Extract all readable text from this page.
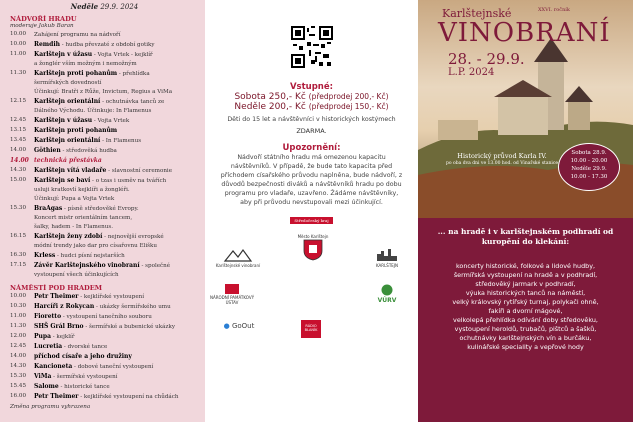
Neděle 29.9. 2024
NÁDVOŘÍ HRADU
moderuje Jakub Baran
10.00	Zahájení programu na nádvoří
10.00	Remdih - hudba převzaté z období gotiky
11.00	Karlštejn v úžasu - Vojta Vrtek - kejklíř
a žonglér vším možným i nemožným
11.30	Karlštejn proti pohanům - přehlídka
šermířských dovedností
Účinkují: Bratři z Růže, Invictum, Regius a ViMa
12.15	Karlštejn orientální - ochutnávka tanců ze
Dálného Východu. Účinkuje: In Flamenus
12.45	Karlštejn v úžasu - Vojta Vrtek
13.15	Karlštejn proti pohanům
13.45	Karlštejn orientální - In Flamenus
14.00	Göthien - středověká hudba
14.00 technická přestávka
14.30	Karlštejn vítá vladaře - slavnostní ceremonie
15.00	Karlštejn se baví - o tzas i usměv na tvářích
usluji kratkovlí kejklíři a žongléři.
Účinkují: Pupa a Vojta Vrtek
15.30	BraAgas - písně středověké Evropy.
Koncert mistr orientálním tancem,
šalky, hadem - In Flamenus.
16.15	Karlštejn ženy zdobí - nejnovější evropské
módní trendy jako dar pro císařovnu Elišku
16.30	Krless - hudci písní nejstarších
17.15	Závěr Karlštejnského vinobraní - společné
vystoupení všech účinkujících
NÁMĚSTÍ POD HRADEM
10.00	Petr Theimer - kejklířské vystoupení
10.30	Harcíři z Rokycan - ukázky šermířského umu
11.00	Fioretto - vystoupení tanečního souboru
11.30	SHŠ Grál Brno - šermířské a bubenické ukázky
12.00	Pupa - kejklíř
12.45	Lucretia - dvorské tance
14.00	příchod císaře a jeho družiny
14.30	Kancioneta - dobové taneční vystoupení
15.30	ViMa - šermířské vystoupení
15.45	Salome - historické tance
16.00	Petr Theimer - kejklířské vystoupení na chůdách
Změna programu vyhrazena
Vstupné:
Sobota 250,- Kč (předprodej 200,- Kč)
Neděle 200,- Kč (předprodej 150,- Kč)
Děti do 15 let a návštěvníci v historických kostýmech
ZDARMA.
Upozornění:
Nádvoří státního hradu má omezenou kapacitu návštěvníků. V případě, že bude tato kapacita před příchodem císařského průvodu naplněna, bude nádvoří, z důvodů bezpečnosti diváků a návštěvníků hradu po dobu programu pro vladaře, uzavřeno. Žádáme návštěvníky, aby při průvodu nevstupovali mezi účinkující.
Středočeský kraj
Karlštejnské vinobraní
Město Karlštejn
KARLŠTEJN
NÁRODNÍ PAMÁTKOVÝ ÚSTAV	VÚRV
● GoOut	RÁDIO BLANÍK
Karlštejnské	XXVI. ročník
VINOBRANÍ
28. - 29.9.
L.P. 2024
Historický průvod Karla IV.
po oba dva dni ve 13.00 hod. od Vinařské stanice
Sobota 28.9.
10.00 - 20.00
Neděle 29.9.
10.00 - 17.30
... na hradě i v karlštejnském podhradí od kuropění do klekání:
koncerty historické, folkové a lidové hudby,
šermířská vystoupení na hradě a v podhradí,
středověký jarmark v podhradí,
výuka historických tanců na náměstí,
velký královský rytířský turnaj, polykači ohně,
fakíři a dvorní mágové,
velkolepá přehlídka odívání doby středověku,
vystoupení heroldů, trubačů, pištců a šašků,
ochutnávky karlštejnských vín a burčáku,
kulinářské speciality a vepřové hody
